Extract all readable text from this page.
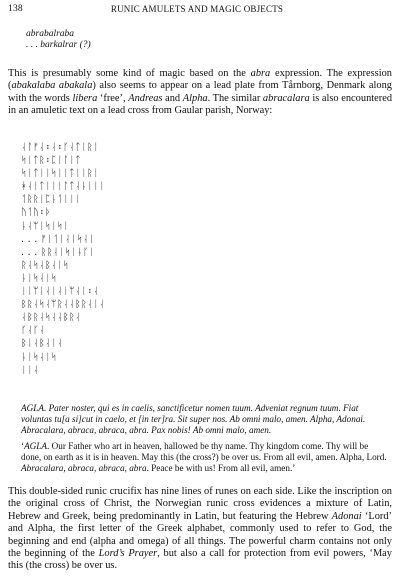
138	RUNIC AMULETS AND MAGIC OBJECTS
abrabalraba
. . . barkalrar (?)

This is presumably some kind of magic based on the abra expression. The expression (abakalaba abakala) also seems to appear on a lead plate from Tårnborg, Denmark along with the words libera ‘free’, Andreas and Alpha. The similar abracalara is also encountered in an amuletic text on a lead cross from Gaular parish, Norway:

ᛆᛚᚠᛆ᛬ᛆ᛬ᚴᛆᛏᛁᚱᛁ
ᛋᛁᛏᚱ᛬ᛈᛁᛚᛁᛏ
ᛋᛁᛏᛁᛁᛋᛁᛁᛏᛁᛁᚱᛁ
ᚼᛆᛁᛏᛁᛁᛁᛚᛏᛆᚿᛁᛁᛁ
ᛐᚱᚱᛁᛈᚿᛐᛁᛁᛁ
ᚢᛐᚢ᛬ᚦ
ᚿᛆᛘᛁᛋᛁᛋᛁ
. . . ᚠᛁᛐᛁᛆᛁᛋᛆᛁ
. . . ᚱᚱᛆᛁᛋᛁᚿᚴᛁ
ᚱᛆᛋᛆᛒᛆᛁᛋ
ᚿᛁᛋᛆᛁᛋ
ᛁᛁᛘᛁᛆᛁᛆᛁᛘᛆᛁ᛬ᛆ
ᛒᚱᛆᛋᛆᛘᚱᛆᛆᛒᚱᛆᛁᛆ
ᛆᛒᚱᛆᛋᛆᛆᛒᚱᛆ
ᚴᛆᚴᛆ
ᛒᛁᛆᛒᛆᛁᛆ
ᚿᛁᛋᛆᛁᛋ
ᛁᛁᛆ

AGLA. Pater noster, qui es in caelis, sanctificetur nomen tuum. Adveniat regnum tuum. Fiat voluntas tu[a si]cut in caelo, et [in ter]ra. Sit super nos. Ab omni malo, amen. Alpha, Adonai. Abracalara, abraca, abraca, abra. Pax nobis! Ab omni malo, amen.

‘AGLA. Our Father who art in heaven, hallowed be thy name. Thy kingdom come. Thy will be done, on earth as it is in heaven. May this (the cross?) be over us. From all evil, amen. Alpha, Lord. Abracalara, abraca, abraca, abra. Peace be with us! From all evil, amen.’

This double-sided runic crucifix has nine lines of runes on each side. Like the inscription on the original cross of Christ, the Norwegian runic cross evidences a mixture of Latin, Hebrew and Greek, being predominantly in Latin, but featuring the Hebrew Adonai ‘Lord’ and Alpha, the first letter of the Greek alphabet, commonly used to refer to God, the beginning and end (alpha and omega) of all things. The powerful charm contains not only the beginning of the Lord’s Prayer, but also a call for protection from evil powers, ‘May this (the cross) be over us.
